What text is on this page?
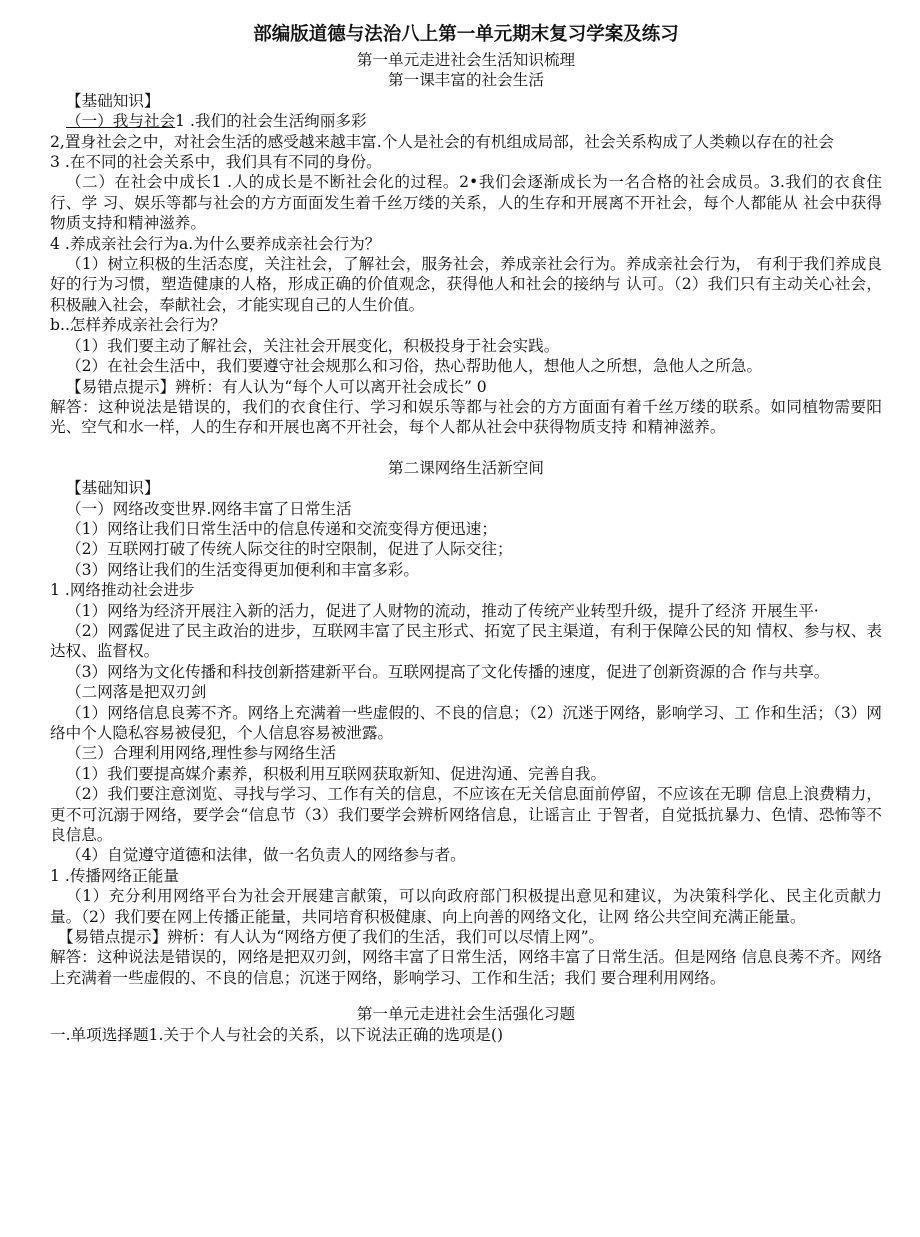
部编版道德与法治八上第一单元期末复习学案及练习

第一单元走进社会生活知识梳理

第一课丰富的社会生活

【基础知识】

（一）我与社会1 .我们的社会生活绚丽多彩

2,置身社会之中，对社会生活的感受越来越丰富.个人是社会的有机组成局部，社会关系构成了人类赖以存在的社会

3 .在不同的社会关系中，我们具有不同的身份。

（二）在社会中成长1 .人的成长是不断社会化的过程。2•我们会逐渐成长为一名合格的社会成员。3.我们的衣食住行、学 习、娱乐等都与社会的方方面面发生着千丝万缕的关系，人的生存和开展离不开社会，每个人都能从 社会中获得物质支持和精神滋养。

4 .养成亲社会行为a.为什么要养成亲社会行为？

（1）树立积极的生活态度，关注社会，了解社会，服务社会，养成亲社会行为。养成亲社会行为， 有利于我们养成良好的行为习惯，塑造健康的人格，形成正确的价值观念，获得他人和社会的接纳与 认可。（2）我们只有主动关心社会，积极融入社会，奉献社会，才能实现自己的人生价值。

b..怎样养成亲社会行为？

（1）我们要主动了解社会，关注社会开展变化，积极投身于社会实践。

（2）在社会生活中，我们要遵守社会规那么和习俗，热心帮助他人，想他人之所想，急他人之所急。

【易错点提示】辨析：有人认为“每个人可以离开社会成长” 0

解答：这种说法是错误的，我们的衣食住行、学习和娱乐等都与社会的方方面面有着千丝万缕的联系。如同植物需要阳光、空气和水一样，人的生存和开展也离不开社会，每个人都从社会中获得物质支持 和精神滋养。

第二课网络生活新空间

【基础知识】

（一）网络改变世界.网络丰富了日常生活

（1）网络让我们日常生活中的信息传递和交流变得方便迅速；

（2）互联网打破了传统人际交往的时空限制，促进了人际交往；

（3）网络让我们的生活变得更加便利和丰富多彩。

1 .网络推动社会进步

（1）网络为经济开展注入新的活力，促进了人财物的流动，推动了传统产业转型升级，提升了经济 开展生平·

（2）网露促进了民主政治的进步，互联网丰富了民主形式、拓宽了民主渠道，有利于保障公民的知 情权、参与权、表达权、监督权。

（3）网络为文化传播和科技创新搭建新平台。互联网提高了文化传播的速度，促进了创新资源的合 作与共享。

（二网落是把双刃剑

（1）网络信息良莠不齐。网络上充满着一些虚假的、不良的信息；（2）沉迷于网络，影响学习、工 作和生活；（3）网络中个人隐私容易被侵犯，个人信息容易被泄露。

（三）合理利用网络,理性参与网络生活

（1）我们要提高媒介素养，积极利用互联网获取新知、促进沟通、完善自我。

（2）我们要注意浏览、寻找与学习、工作有关的信息，不应该在无关信息面前停留，不应该在无聊 信息上浪费精力，更不可沉溺于网络，要学会“信息节（3）我们要学会辨析网络信息，让谣言止 于智者，自觉抵抗暴力、色情、恐怖等不良信息。

（4）自觉遵守道德和法律，做一名负责人的网络参与者。

1 .传播网络正能量

（1）充分利用网络平台为社会开展建言献策，可以向政府部门积极提出意见和建议，为决策科学化、民主化贡献力量。（2）我们要在网上传播正能量，共同培育积极健康、向上向善的网络文化，让网 络公共空间充满正能量。

【易错点提示】辨析：有人认为“网络方便了我们的生活，我们可以尽情上网”。

解答：这种说法是错误的，网络是把双刃剑，网络丰富了日常生活，网络丰富了日常生活。但是网络 信息良莠不齐。网络上充满着一些虚假的、不良的信息；沉迷于网络，影响学习、工作和生活；我们 要合理利用网络。

第一单元走进社会生活强化习题

一.单项选择题1.关于个人与社会的关系，以下说法正确的选项是()
